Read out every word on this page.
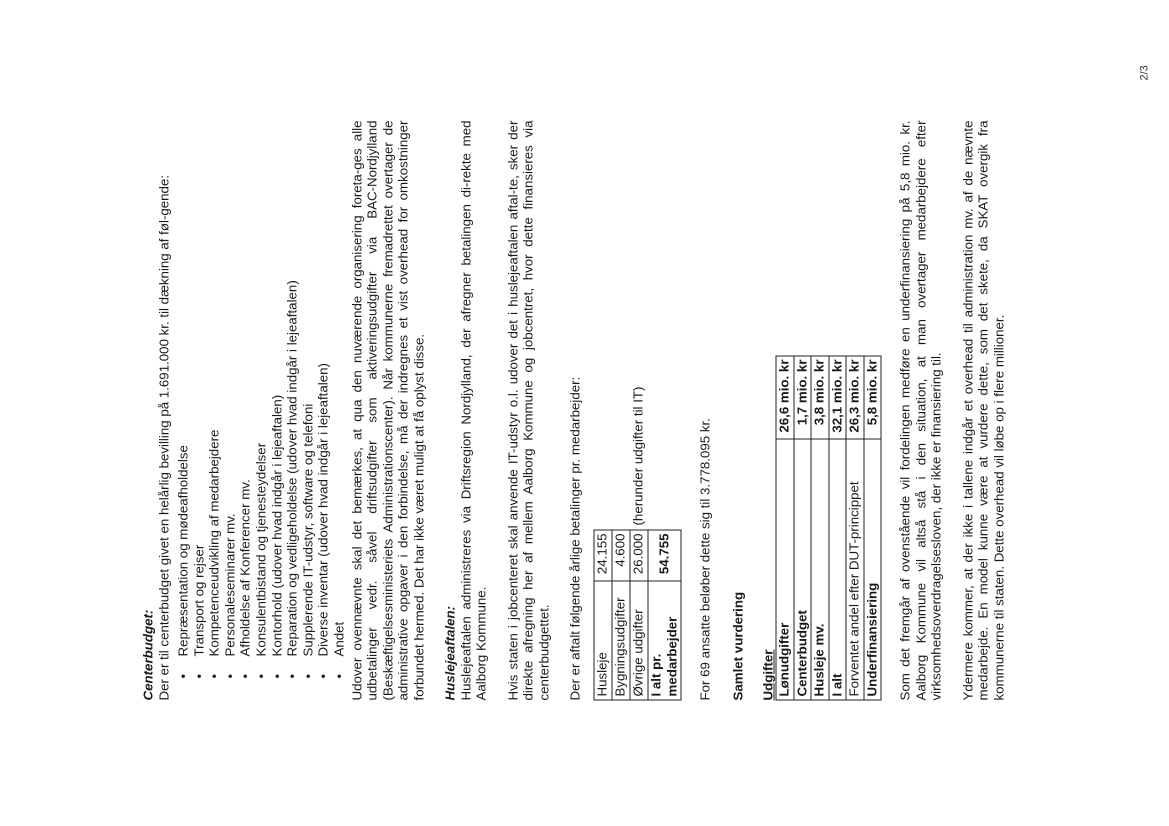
2/3

Centerbudget: Der er til centerbudget givet en helårlig bevilling på 1.691.000 kr. til dækning af føl-gende: • Repræsentation og mødeafholdelse • Transport og rejser • Kompetenceudvikling af medarbejdere • Personaleseminarer mv. • Afholdelse af Konferencer mv. • Konsulentbistand og tjenesteydelser • Kontorhold (udover hvad indgår i lejeaftalen) • Reparation og vedligeholdelse (udover hvad indgår i lejeaftalen) • Supplerende IT-udstyr, software og telefoni • Diverse inventar (udover hvad indgår i lejeaftalen) • Andet Udover ovennævnte skal det bemærkes, at qua den nuværende organisering foreta-ges alle udbetalinger vedr. såvel driftsudgifter som aktiveringsudgifter via BAC-Nordjylland (Beskæftigelsesministeriets Administrationscenter). Når kommunerne fremadrettet overtager de administrative opgaver i den forbindelse, må der indregnes et vist overhead for omkostninger forbundet hermed. Det har ikke været muligt at få oplyst disse. Huslejeaftalen: Huslejeaftalen administreres via Driftsregion Nordjylland, der afregner betalingen di-rekte med Aalborg Kommune. Hvis staten i jobcenteret skal anvende IT-udstyr o.l. udover det i huslejeaftalen aftal-te, sker der direkte afregning her af mellem Aalborg Kommune og jobcentret, hvor dette finansieres via centerbudgettet. Der er aftalt følgende årlige betalinger pr. medarbejder: Husleje	24.155	
Bygningsudgifter	4.600	
Øvrige udgifter	26.000	(herunder udgifter til IT)
I alt pr. medarbejder	54.755	For 69 ansatte beløber dette sig til 3.778.095 kr. Samlet vurdering Udgifter Lønudgifter	26,6 mio. kr
Centerbudget	1,7 mio. kr
Husleje mv.	3,8 mio. kr
I alt	32,1 mio. kr
Forventet andel efter DUT-princippet	26,3 mio. kr
Underfinansiering	5,8 mio. kr Som det fremgår af ovenstående vil fordelingen medføre en underfinansiering på 5,8 mio. kr. Aalborg Kommune vil altså stå i den situation, at man overtager medarbejdere efter virksomhedsoverdragelsesloven, der ikke er finansiering til. Ydermere kommer, at der ikke i tallene indgår et overhead til administration mv. af de nævnte medarbejde. En model kunne være at vurdere dette, som det skete, da SKAT overgik fra kommunerne til staten. Dette overhead vil løbe op i flere millioner.
